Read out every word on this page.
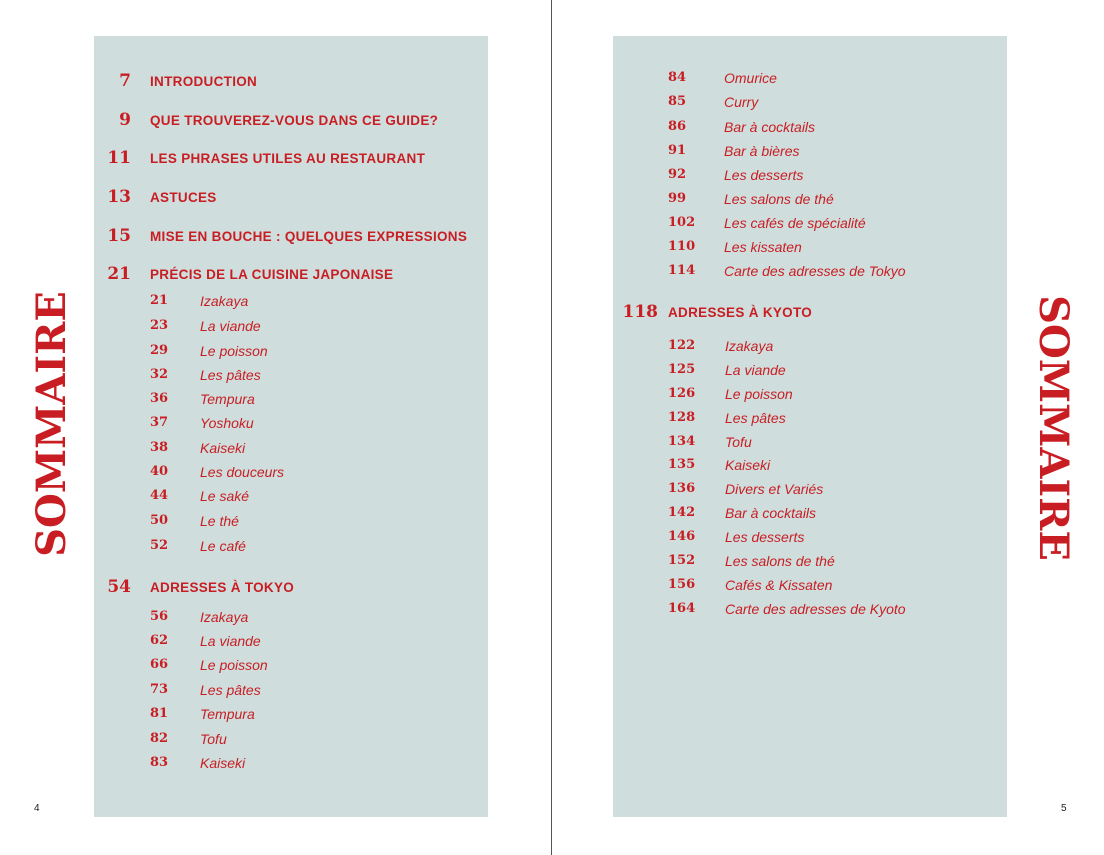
SOMMAIRE	SOMMAIRE
4	5
7 INTRODUCTION
9 QUE TROUVEREZ-VOUS DANS CE GUIDE?
11 LES PHRASES UTILES AU RESTAURANT
13 ASTUCES
15 MISE EN BOUCHE : QUELQUES EXPRESSIONS
21 PRÉCIS DE LA CUISINE JAPONAISE
21 Izakaya
23 La viande
29 Le poisson
32 Les pâtes
36 Tempura
37 Yoshoku
38 Kaiseki
40 Les douceurs
44 Le saké
50 Le thé
52 Le café
54 ADRESSES À TOKYO
56 Izakaya
62 La viande
66 Le poisson
73 Les pâtes
81 Tempura
82 Tofu
83 Kaiseki
84	Omurice
85	Curry
86	Bar à cocktails
91	Bar à bières
92	Les desserts
99	Les salons de thé
102 Les cafés de spécialité
110 Les kissaten
114 Carte des adresses de Tokyo
118 ADRESSES À KYOTO
122 Izakaya
125 La viande
126 Le poisson
128 Les pâtes
134 Tofu
135 Kaiseki
136 Divers et Variés
142 Bar à cocktails
146 Les desserts
152 Les salons de thé
156 Cafés & Kissaten
164 Carte des adresses de Kyoto
